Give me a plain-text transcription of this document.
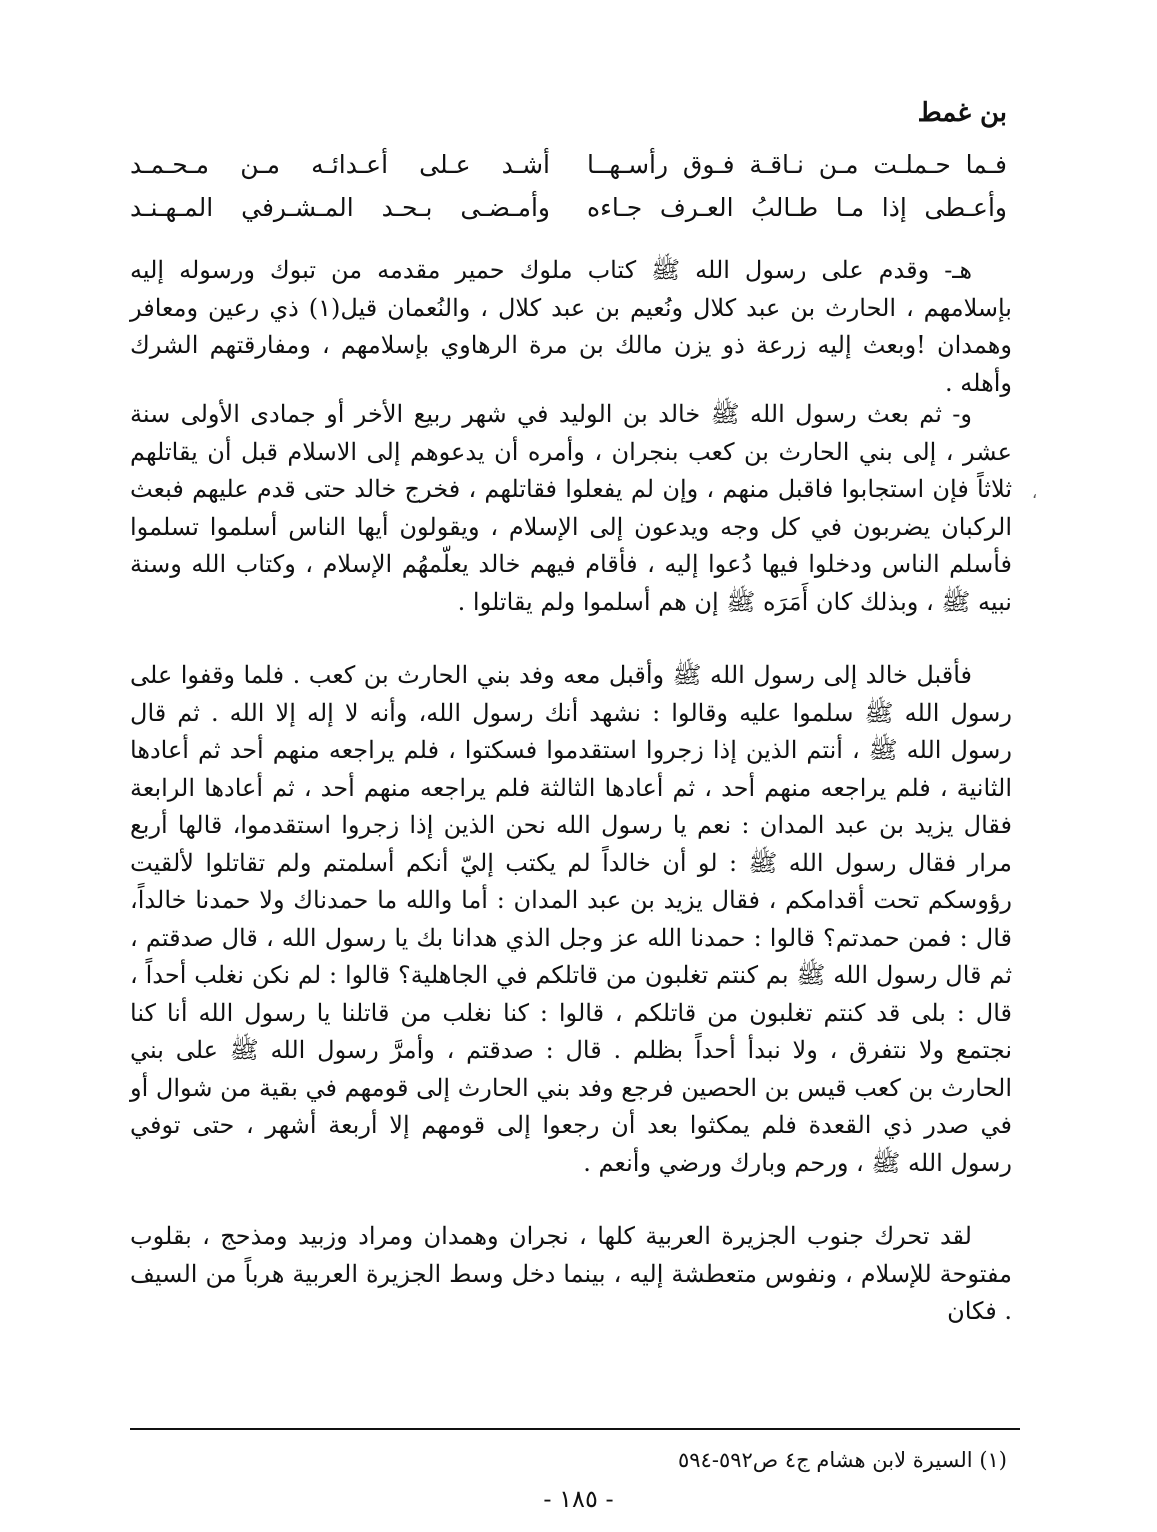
بن غمط
فـما حـملـت مـن نـاقـة فـوق رأسـهــا
أشـد عـلى أعـدائـه مـن مـحـمـد
وأعـطى إذا مـا طـالبُ العـرف جـاءه
وأمـضـى بـحـد المـشـرفي المـهـنـد

هـ- وقدم على رسول الله ﷺ كتاب ملوك حمير مقدمه من تبوك ورسوله إليه بإسلامهم ، الحارث بن عبد كلال ونُعيم بن عبد كلال ، والنُعمان قيل(١) ذي رعين ومعافر وهمدان !وبعث إليه زرعة ذو يزن مالك بن مرة الرهاوي بإسلامهم ، ومفارقتهم الشرك وأهله .

و- ثم بعث رسول الله ﷺ خالد بن الوليد في شهر ربيع الأخر أو جمادى الأولى سنة عشر ، إلى بني الحارث بن كعب بنجران ، وأمره أن يدعوهم إلى الاسلام قبل أن يقاتلهم ثلاثاً فإن استجابوا فاقبل منهم ، وإن لم يفعلوا فقاتلهم ، فخرج خالد حتى قدم عليهم فبعث الركبان يضربون في كل وجه ويدعون إلى الإسلام ، ويقولون أيها الناس أسلموا تسلموا فأسلم الناس ودخلوا فيها دُعوا إليه ، فأقام فيهم خالد يعلّمهُم الإسلام ، وكتاب الله وسنة نبيه ﷺ ، وبذلك كان أَمَرَه ﷺ إن هم أسلموا ولم يقاتلوا .

،

فأقبل خالد إلى رسول الله ﷺ وأقبل معه وفد بني الحارث بن كعب . فلما وقفوا على رسول الله ﷺ سلموا عليه وقالوا : نشهد أنك رسول الله، وأنه لا إله إلا الله . ثم قال رسول الله ﷺ ، أنتم الذين إذا زجروا استقدموا فسكتوا ، فلم يراجعه منهم أحد ثم أعادها الثانية ، فلم يراجعه منهم أحد ، ثم أعادها الثالثة فلم يراجعه منهم أحد ، ثم أعادها الرابعة فقال يزيد بن عبد المدان : نعم يا رسول الله نحن الذين إذا زجروا استقدموا، قالها أربع مرار فقال رسول الله ﷺ : لو أن خالداً لم يكتب إليّ أنكم أسلمتم ولم تقاتلوا لألقيت رؤوسكم تحت أقدامكم ، فقال يزيد بن عبد المدان : أما والله ما حمدناك ولا حمدنا خالداً، قال : فمن حمدتم؟ قالوا : حمدنا الله عز وجل الذي هدانا بك يا رسول الله ، قال صدقتم ، ثم قال رسول الله ﷺ بم كنتم تغلبون من قاتلكم في الجاهلية؟ قالوا : لم نكن نغلب أحداً ، قال : بلى قد كنتم تغلبون من قاتلكم ، قالوا : كنا نغلب من قاتلنا يا رسول الله أنا كنا نجتمع ولا نتفرق ، ولا نبدأ أحداً بظلم . قال : صدقتم ، وأمرَّ رسول الله ﷺ على بني الحارث بن كعب قيس بن الحصين فرجع وفد بني الحارث إلى قومهم في بقية من شوال أو في صدر ذي القعدة فلم يمكثوا بعد أن رجعوا إلى قومهم إلا أربعة أشهر ، حتى توفي رسول الله ﷺ ، ورحم وبارك ورضي وأنعم .

لقد تحرك جنوب الجزيرة العربية كلها ، نجران وهمدان ومراد وزبيد ومذحج ، بقلوب مفتوحة للإسلام ، ونفوس متعطشة إليه ، بينما دخل وسط الجزيرة العربية هرباً من السيف . فكان

(١) السيرة لابن هشام ج٤ ص٥٩٢-٥٩٤
- ١٨٥ -
